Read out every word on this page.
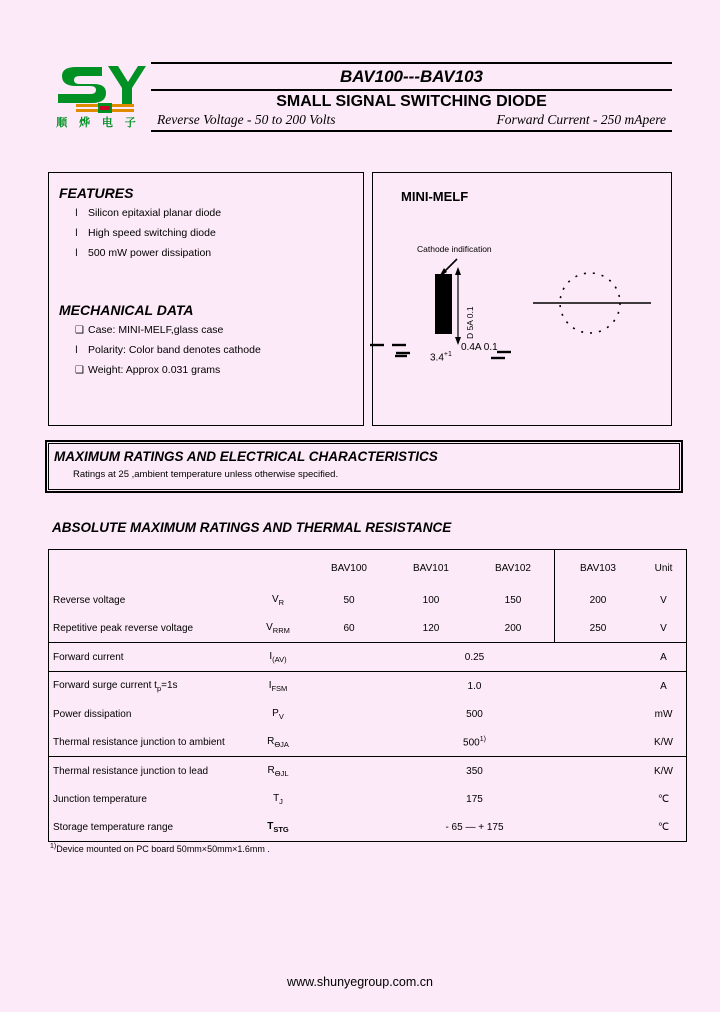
顺 烨 电 子
BAV100---BAV103
SMALL SIGNAL SWITCHING DIODE
Reverse Voltage - 50 to 200 Volts	Forward Current - 250 mApere
FEATURES
l Silicon epitaxial planar diode
l High speed switching diode
l 500 mW power dissipation
MECHANICAL DATA
❑ Case: MINI-MELF,glass case
l Polarity: Color band denotes cathode
❑ Weight: Approx 0.031 grams
MINI-MELF
Cathode indification
$3.4^{+1}$
D 5A 0.1
0.4A 0.1
MAXIMUM RATINGS AND ELECTRICAL CHARACTERISTICS
Ratings at 25 ,ambient temperature unless otherwise specified.
ABSOLUTE MAXIMUM RATINGS AND THERMAL RESISTANCE
		BAV100	BAV101	BAV102	BAV103	Unit
Reverse voltage	$V_R$	50	100	150	200	V
Repetitive peak reverse voltage	$V_{RRM}$	60	120	200	250	V
Forward current	$I_{(AV)}$	0.25				A
Forward surge current $t_p=1s$	$I_{FSM}$	1.0				A
Power dissipation	$P_V$	500				mW
Thermal resistance junction to ambient	$R_{ӨJA}$	500$^{1)}$				K/W
Thermal resistance junction to lead	$R_{ӨJL}$	350				K/W
Junction temperature	$T_J$	175				℃
Storage temperature range	$T_{STG}$	- 65 — + 175				℃
$^{1)}$Device mounted on PC board 50mm×50mm×1.6mm .
www.shunyegroup.com.cn
